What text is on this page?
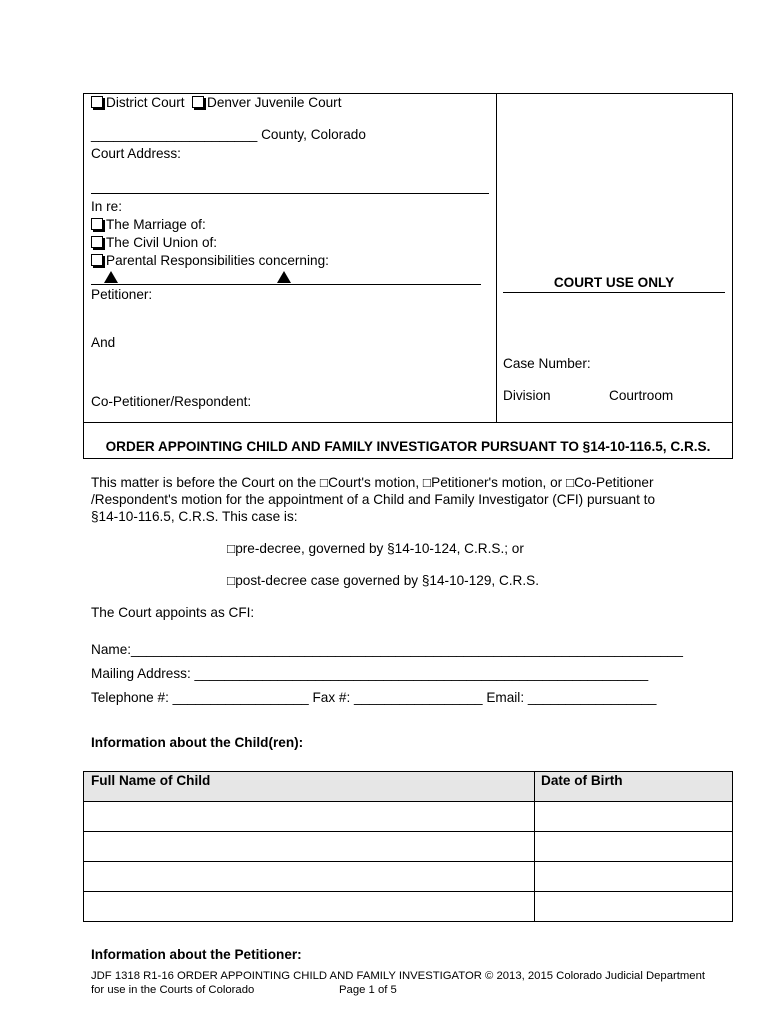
District Court	Denver Juvenile Court
______________________ County, Colorado
Court Address:
In re:
The Marriage of:
The Civil Union of:
Parental Responsibilities concerning:
Petitioner:
And
Co-Petitioner/Respondent:
COURT USE ONLY
Case Number:
Division	Courtroom
ORDER APPOINTING CHILD AND FAMILY INVESTIGATOR PURSUANT TO §14-10-116.5, C.R.S.
This matter is before the Court on the □Court's motion, □Petitioner's motion, or □Co-Petitioner
/Respondent's motion for the appointment of a Child and Family Investigator (CFI) pursuant to
§14-10-116.5, C.R.S. This case is:
□pre-decree, governed by §14-10-124, C.R.S.; or
□post-decree case governed by §14-10-129, C.R.S.
The Court appoints as CFI:
Name:_________________________________________________________________________
Mailing Address: ____________________________________________________________
Telephone #: __________________ Fax #: _________________ Email: _________________
Information about the Child(ren):
Full Name of Child	Date of Birth
Information about the Petitioner:
JDF 1318 R1-16 ORDER APPOINTING CHILD AND FAMILY INVESTIGATOR © 2013, 2015 Colorado Judicial Department
for use in the Courts of Colorado	Page 1 of 5
